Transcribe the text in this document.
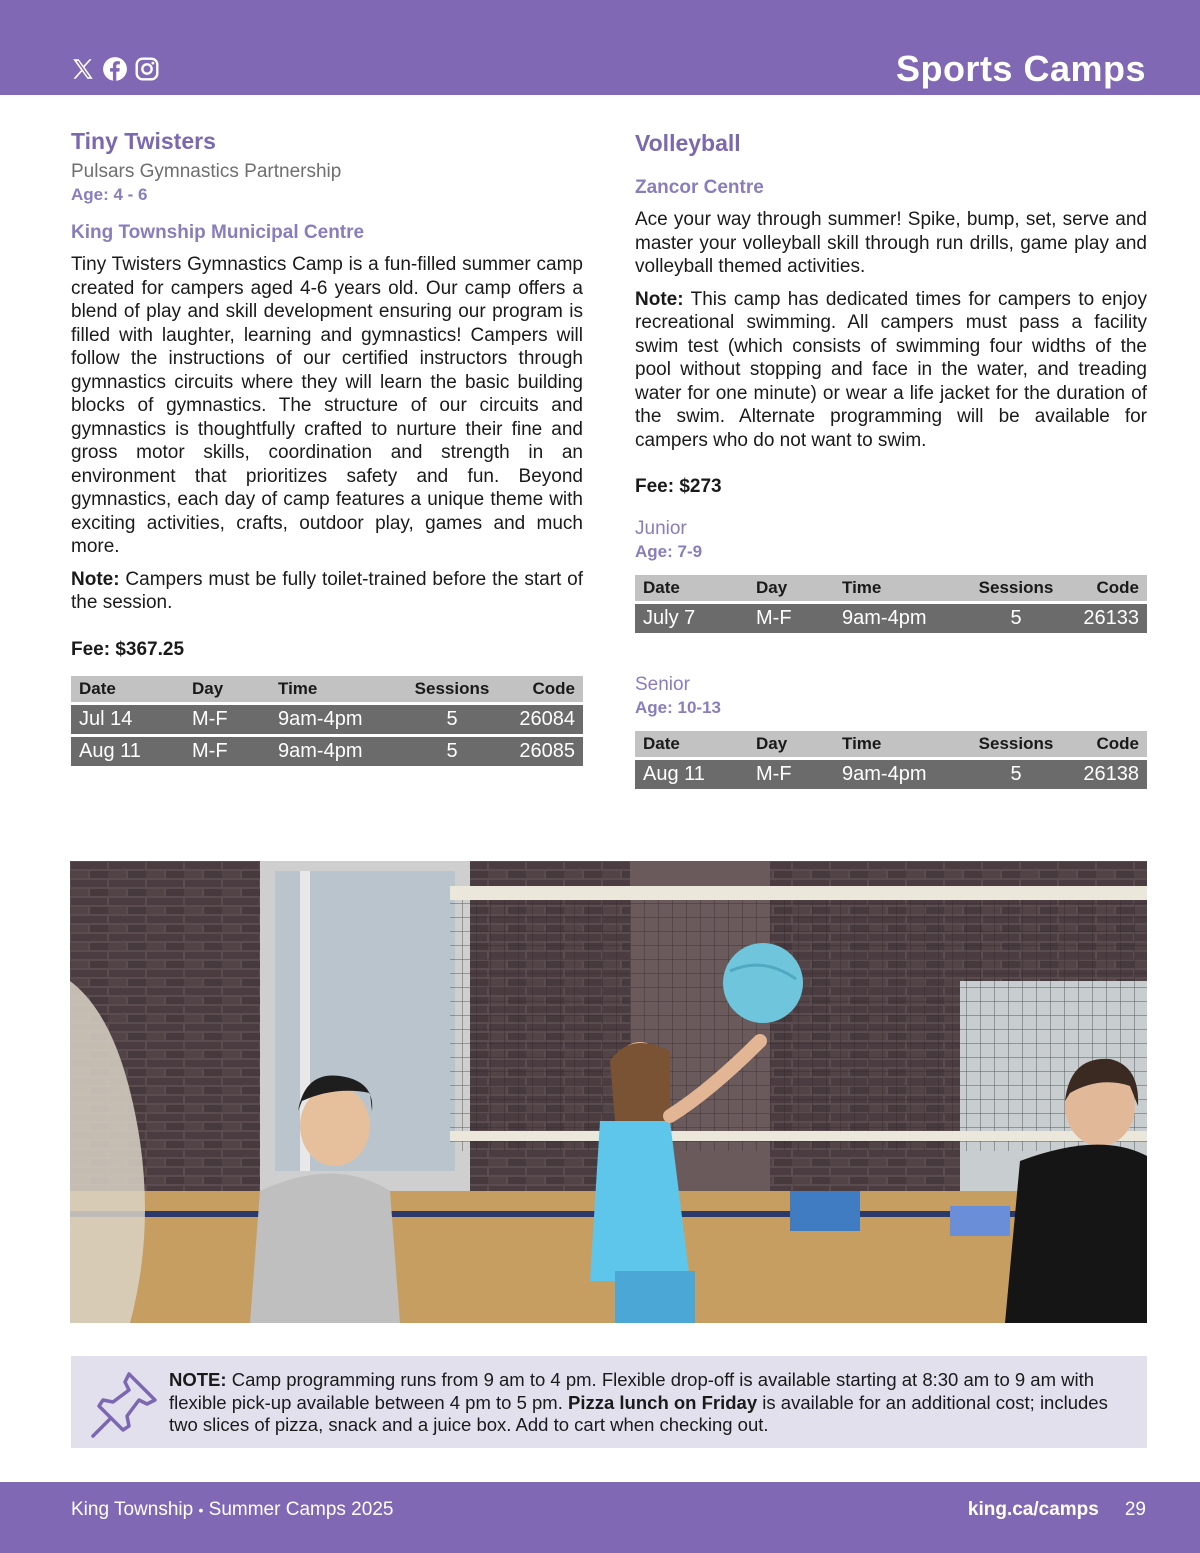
Sports Camps
Tiny Twisters
Pulsars Gymnastics Partnership
Age: 4 - 6
King Township Municipal Centre
Tiny Twisters Gymnastics Camp is a fun-filled summer camp created for campers aged 4-6 years old. Our camp offers a blend of play and skill development ensuring our program is filled with laughter, learning and gymnastics! Campers will follow the instructions of our certified instructors through gymnastics circuits where they will learn the basic building blocks of gymnastics. The structure of our circuits and gymnastics is thoughtfully crafted to nurture their fine and gross motor skills, coordination and strength in an environment that prioritizes safety and fun. Beyond gymnastics, each day of camp features a unique theme with exciting activities, crafts, outdoor play, games and much more.
Note: Campers must be fully toilet-trained before the start of the session.
Fee: $367.25
Date	Day	Time	Sessions	Code
Jul 14	M-F	9am-4pm	5	26084
Aug 11	M-F	9am-4pm	5	26085
Volleyball
Zancor Centre
Ace your way through summer! Spike, bump, set, serve and master your volleyball skill through run drills, game play and volleyball themed activities.
Note: This camp has dedicated times for campers to enjoy recreational swimming. All campers must pass a facility swim test (which consists of swimming four widths of the pool without stopping and face in the water, and treading water for one minute) or wear a life jacket for the duration of the swim. Alternate programming will be available for campers who do not want to swim.
Fee: $273
Junior
Age: 7-9
Date	Day	Time	Sessions	Code
July 7	M-F	9am-4pm	5	26133
Senior
Age: 10-13
Date	Day	Time	Sessions	Code
Aug 11	M-F	9am-4pm	5	26138
NOTE: Camp programming runs from 9 am to 4 pm. Flexible drop-off is available starting at 8:30 am to 9 am with flexible pick-up available between 4 pm to 5 pm. Pizza lunch on Friday is available for an additional cost; includes two slices of pizza, snack and a juice box. Add to cart when checking out.
King Township • Summer Camps 2025	king.ca/camps 29
